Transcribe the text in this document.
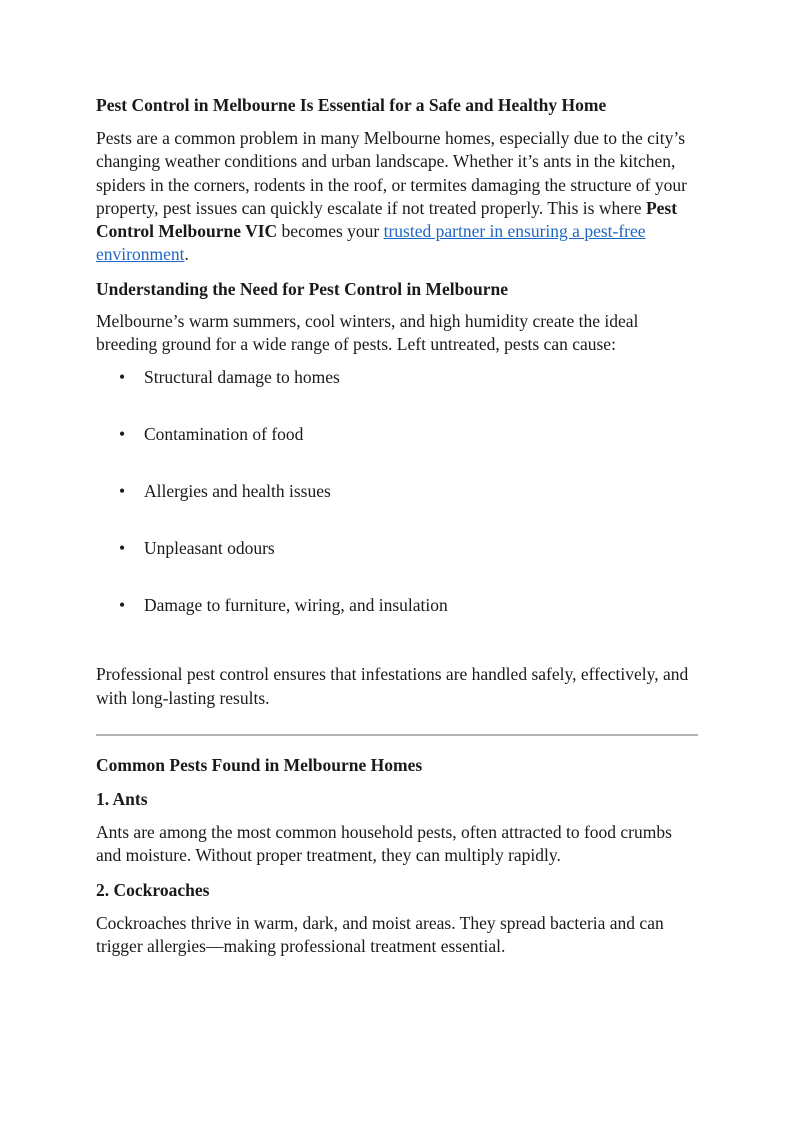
Pest Control in Melbourne Is Essential for a Safe and Healthy Home

Pests are a common problem in many Melbourne homes, especially due to the city’s changing weather conditions and urban landscape. Whether it’s ants in the kitchen, spiders in the corners, rodents in the roof, or termites damaging the structure of your property, pest issues can quickly escalate if not treated properly. This is where Pest Control Melbourne VIC becomes your trusted partner in ensuring a pest-free environment.

Understanding the Need for Pest Control in Melbourne

Melbourne’s warm summers, cool winters, and high humidity create the ideal breeding ground for a wide range of pests. Left untreated, pests can cause:

• Structural damage to homes
• Contamination of food
• Allergies and health issues
• Unpleasant odours
• Damage to furniture, wiring, and insulation

Professional pest control ensures that infestations are handled safely, effectively, and with long-lasting results.

Common Pests Found in Melbourne Homes
1. Ants

Ants are among the most common household pests, often attracted to food crumbs and moisture. Without proper treatment, they can multiply rapidly.

2. Cockroaches

Cockroaches thrive in warm, dark, and moist areas. They spread bacteria and can trigger allergies—making professional treatment essential.
